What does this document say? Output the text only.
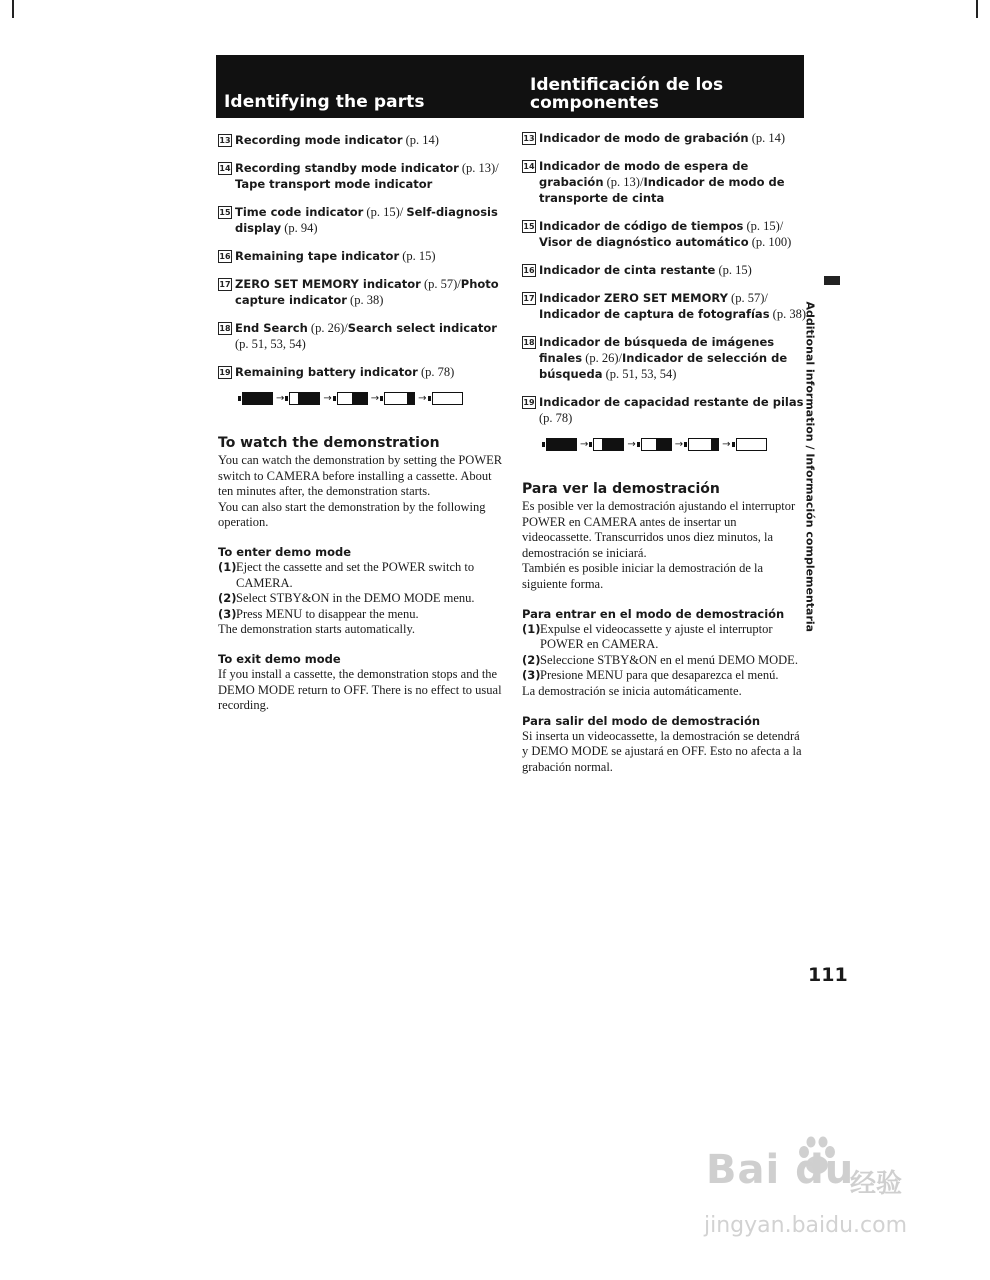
Identifying the parts
Identificación de los componentes
13 Recording mode indicator (p. 14)
14 Recording standby mode indicator (p. 13)/
Tape transport mode indicator
15 Time code indicator (p. 15)/ Self-diagnosis display (p. 94)
16 Remaining tape indicator (p. 15)
17 ZERO SET MEMORY indicator (p. 57)/Photo capture indicator (p. 38)
18 End Search (p. 26)/Search select indicator (p. 51, 53, 54)
19 Remaining battery indicator (p. 78)
→	→	→	→
To watch the demonstration
You can watch the demonstration by setting the POWER switch to CAMERA before installing a cassette. About ten minutes after, the demonstration starts.
You can also start the demonstration by the following operation.
To enter demo mode
(1) Eject the cassette and set the POWER switch to CAMERA.
(2) Select STBY&ON in the DEMO MODE menu.
(3) Press MENU to disappear the menu.
The demonstration starts automatically.
To exit demo mode
If you install a cassette, the demonstration stops and the DEMO MODE return to OFF. There is no effect to usual recording.
13 Indicador de modo de grabación (p. 14)
14 Indicador de modo de espera de grabación (p. 13)/Indicador de modo de transporte de cinta
15 Indicador de código de tiempos (p. 15)/ Visor de diagnóstico automático (p. 100)
16 Indicador de cinta restante (p. 15)
17 Indicador ZERO SET MEMORY (p. 57)/ Indicador de captura de fotografías (p. 38)
18 Indicador de búsqueda de imágenes finales (p. 26)/Indicador de selección de búsqueda (p. 51, 53, 54)
19 Indicador de capacidad restante de pilas (p. 78)
→	→	→	→
Para ver la demostración
Es posible ver la demostración ajustando el interruptor POWER en CAMERA antes de insertar un videocassette. Transcurridos unos diez minutos, la demostración se iniciará.
También es posible iniciar la demostración de la siguiente forma.
Para entrar en el modo de demostración
(1) Expulse el videocassette y ajuste el interruptor POWER en CAMERA.
(2) Seleccione STBY&ON en el menú DEMO MODE.
(3) Presione MENU para que desaparezca el menú.
La demostración se inicia automáticamente.
Para salir del modo de demostración
Si inserta un videocassette, la demostración se detendrá y DEMO MODE se ajustará en OFF. Esto no afecta a la grabación normal.
Additional information / Información complementaria
111
Bai du
经验
jingyan.baidu.com
